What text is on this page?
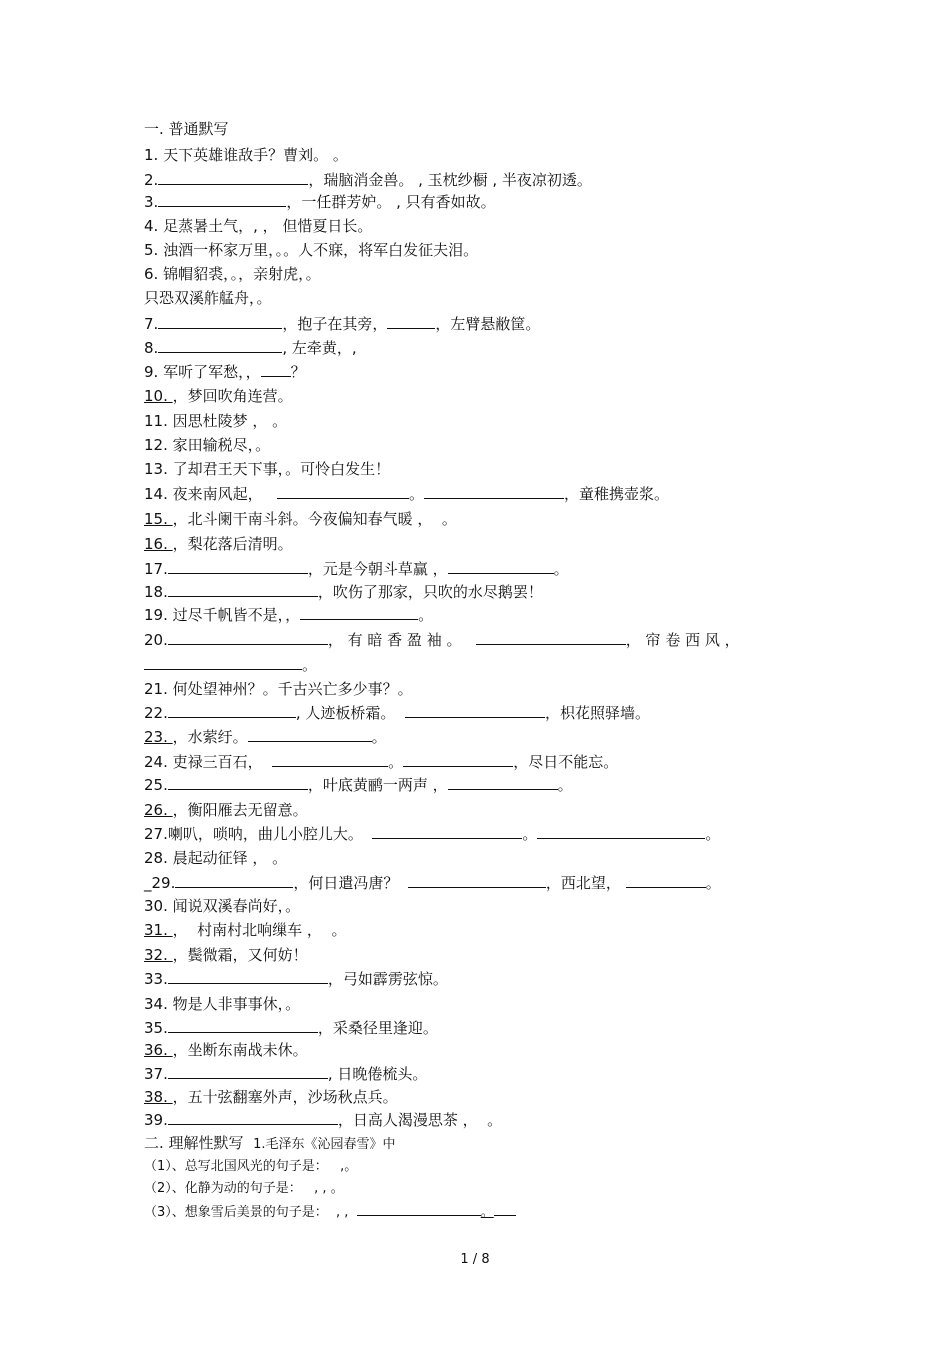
一. 普通默写
1. 天下英雄谁敌手？曹刘。 。
2.	，瑞脑消金兽。 , 玉枕纱橱 , 半夜凉初透。
3.	，一任群芳妒。 , 只有香如故。
4. 足蒸暑土气，, ， 但惜夏日长。
5. 浊酒一杯家万里，。。人不寐，将军白发征夫泪。
6. 锦帽貂裘，。，亲射虎，。
只恐双溪舴艋舟，。
7.	，抱子在其旁，	，左臂悬敝筐。
8.	, 左牵黄，,
9. 军听了军愁，， ？
10. ，梦回吹角连营。
11. 因思杜陵梦 ， 。
12. 家田输税尽，。
13. 了却君王天下事，。可怜白发生！
14. 夜来南风起，	。	，童稚携壶浆。
15. ，北斗阑干南斗斜。今夜偏知春气暖 ，  。
16. ，梨花落后清明。
17.	，元是今朝斗草赢 ，	。
18.	，吹伤了那家，只吹的水尽鹅罢！
19. 过尽千帆皆不是，，	。
20.	， 有 暗 香 盈 袖 。	， 帘 卷 西 风 ，
。
21. 何处望神州？。千古兴亡多少事？。
22.	, 人迹板桥霜。	，枳花照驿墙。
23. ，水萦纡。	。
24. 吏禄三百石，	。	，尽日不能忘。
25.	，叶底黄鹂一两声 ，	。
26. ，衡阳雁去无留意。
27.喇叭，唢呐，曲儿小腔儿大。	。	。
28. 晨起动征铎 ， 。
_29.	，何日遣冯唐？	，西北望，	。
30. 闻说双溪春尚好，。
31. ，  村南村北响缫车 ，  。
32. ，鬓微霜，又何妨！
33.	，弓如霹雳弦惊。
34. 物是人非事事休，。
35.	，采桑径里逢迎。
36. ，坐断东南战未休。
37.	, 日晚倦梳头。
38. ，五十弦翻塞外声，沙场秋点兵。
39.	，日高人渴漫思茶 ，  。
二. 理解性默写 1.毛泽东《沁园春雪》中
（1）、总写北国风光的句子是：   ,。
（2）、化静为动的句子是：   , , 。
（3）、想象雪后美景的句子是：  , ,	。
1 / 8
